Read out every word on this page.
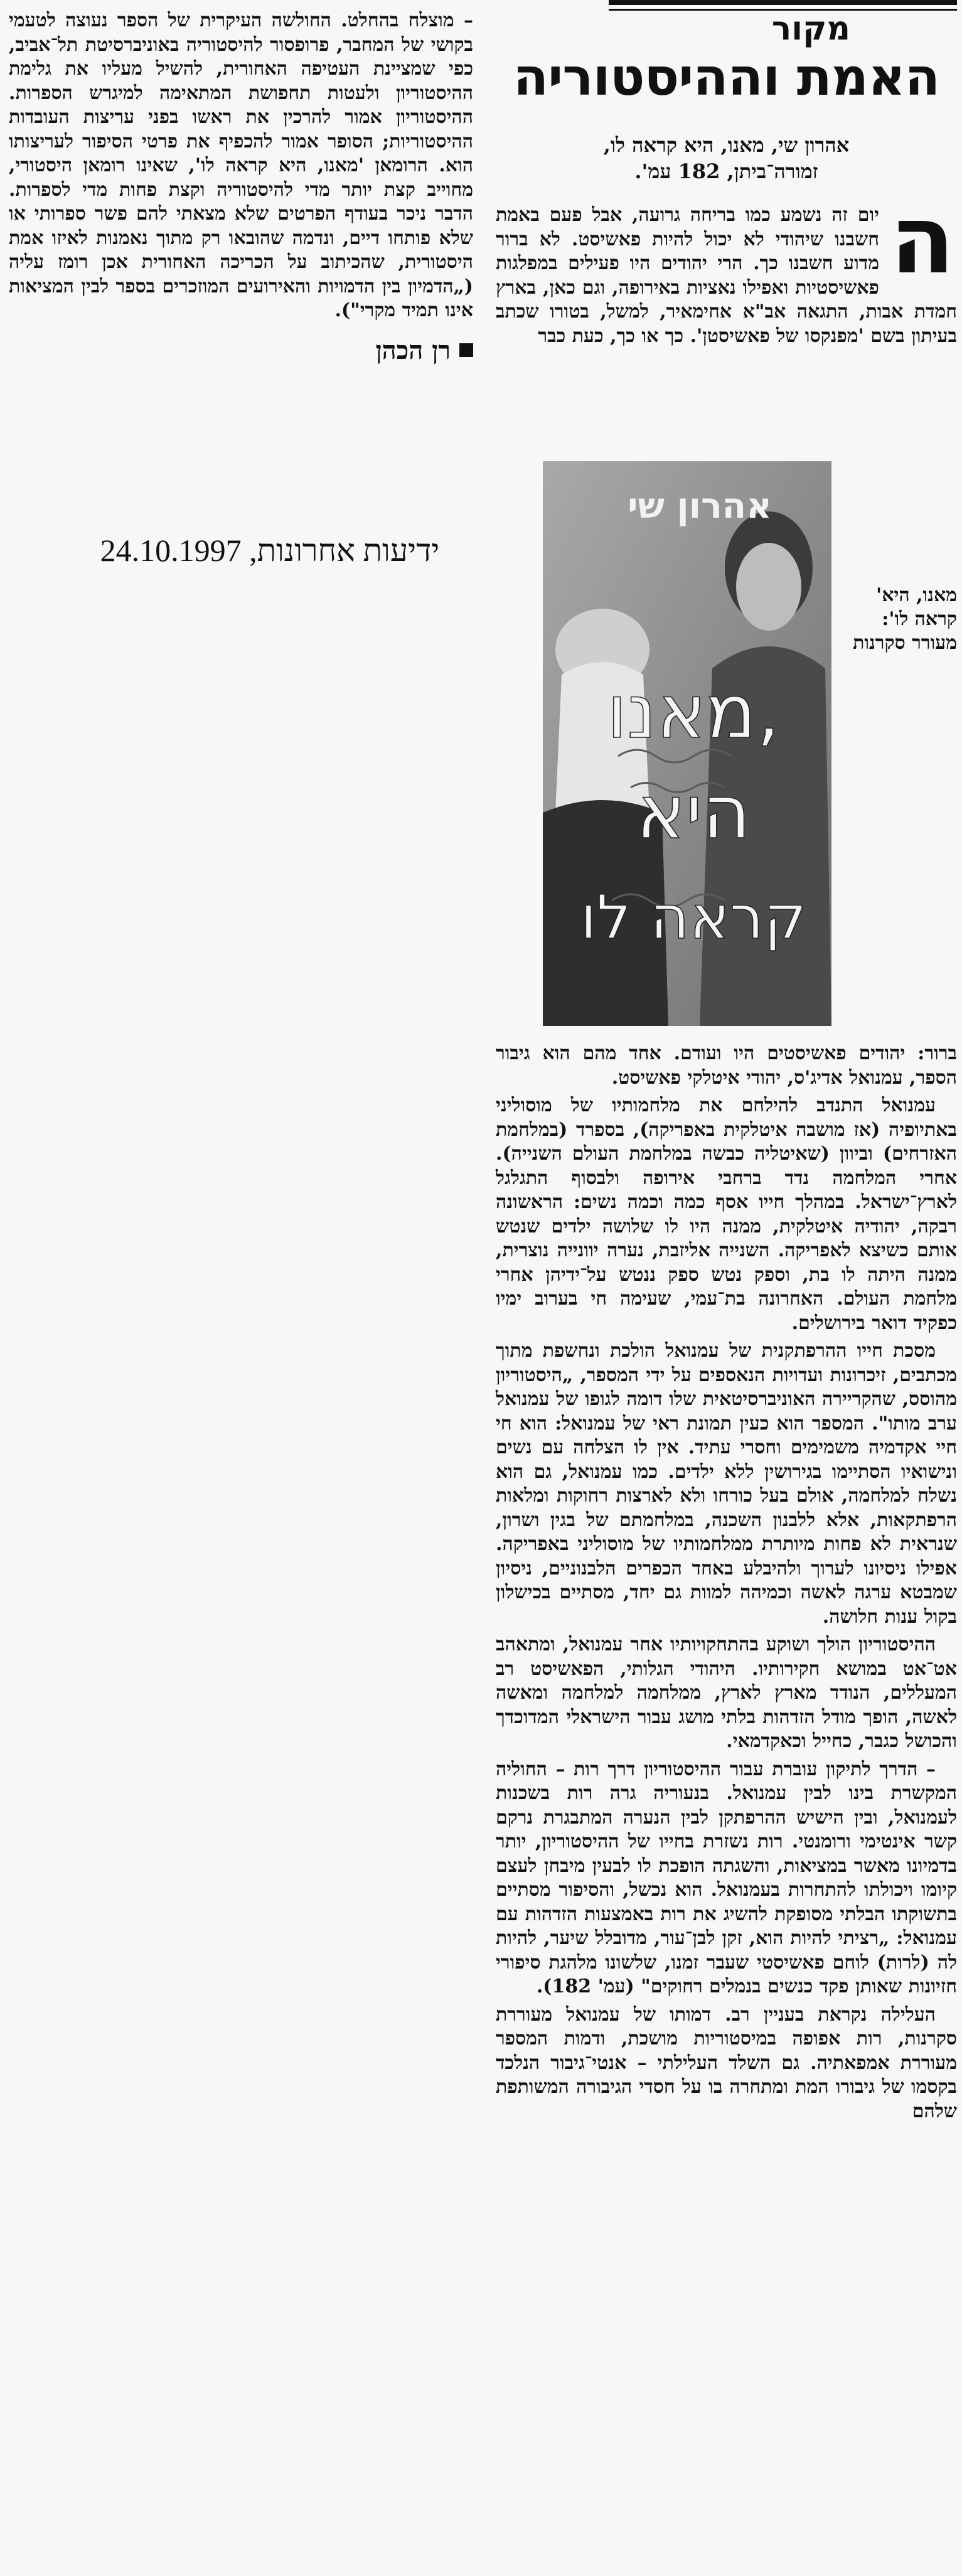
– מוצלח בהחלט. החולשה העיקרית של הספר נעוצה לטעמי בקושי של המחבר, פרופסור להיסטוריה באוניברסיטת תל־אביב, כפי שמציינת העטיפה האחורית, להשיל מעליו את גלימת ההיסטוריון ולעטות תחפושת המתאימה למיגרש הספרות. ההיסטוריון אמור להרכין את ראשו בפני עריצות העובדות ההיסטוריות; הסופר אמור להכפיף את פרטי הסיפור לעריצותו הוא. הרומאן 'מאנו, היא קראה לו', שאינו רומאן היסטורי, מחוייב קצת יותר מדי להיסטוריה וקצת פחות מדי לספרות. הדבר ניכר בעודף הפרטים שלא מצאתי להם פשר ספרותי או שלא פותחו דיים, ונדמה שהובאו רק מתוך נאמנות לאיזו אמת היסטורית, שהכיתוב על הכריכה האחורית אכן רומז עליה („הדמיון בין הדמויות והאירועים המוזכרים בספר לבין המציאות אינו תמיד מקרי").

רן הכהן
ידיעות אחרונות, 24.10.1997
מקור
האמת וההיסטוריה
אהרון שי, מאנו, היא קראה לו,
זמורה־ביתן, 182 עמ'.
ה
יום זה נשמע כמו בריחה גרועה, אבל פעם באמת חשבנו שיהודי לא יכול להיות פאשיסט. לא ברור מדוע חשבנו כך. הרי יהודים היו פעילים במפלגות פאשיסטיות ואפילו נאציות באירופה, וגם כאן, בארץ חמדת אבות, התגאה אב"א אחימאיר, למשל, בטורו שכתב בעיתון בשם 'מפנקסו של פאשיסטן'. כך או כך, כעת כבר
אהרון שי
מאנו,
היא
קראה לו
'מאנו, היא קראה לו': מעורר סקרנות

ברור: יהודים פאשיסטים היו ועודם. אחד מהם הוא גיבור הספר, עמנואל אדיג'ס, יהודי איטלקי פאשיסט.

עמנואל התנדב להילחם את מלחמותיו של מוסוליני באתיופיה (אז מושבה איטלקית באפריקה), בספרד (במלחמת האזרחים) וביוון (שאיטליה כבשה במלחמת העולם השנייה). אחרי המלחמה נדד ברחבי אירופה ולבסוף התגלגל לארץ־ישראל. במהלך חייו אסף כמה וכמה נשים: הראשונה רבקה, יהודיה איטלקית, ממנה היו לו שלושה ילדים שנטש אותם כשיצא לאפריקה. השנייה אליזבת, נערה יוונייה נוצרית, ממנה היתה לו בת, וספק נטש ספק ננטש על־ידיהן אחרי מלחמת העולם. האחרונה בת־עמי, שעימה חי בערוב ימיו כפקיד דואר בירושלים.

מסכת חייו ההרפתקנית של עמנואל הולכת ונחשפת מתוך מכתבים, זיכרונות ועדויות הנאספים על ידי המספר, „היסטוריון מהוסס, שהקריירה האוניברסיטאית שלו דומה לגופו של עמנואל ערב מותו". המספר הוא כעין תמונת ראי של עמנואל: הוא חי חיי אקדמיה משמימים וחסרי עתיד. אין לו הצלחה עם נשים ונישואיו הסתיימו בגירושין ללא ילדים. כמו עמנואל, גם הוא נשלח למלחמה, אולם בעל כורחו ולא לארצות רחוקות ומלאות הרפתקאות, אלא ללבנון השכנה, במלחמתם של בגין ושרון, שנראית לא פחות מיותרת ממלחמותיו של מוסוליני באפריקה. אפילו ניסיונו לערוך ולהיבלע באחד הכפרים הלבנוניים, ניסיון שמבטא ערגה לאשה וכמיהה למוות גם יחד, מסתיים בכישלון בקול ענות חלושה.

ההיסטוריון הולך ושוקע בהתחקויותיו אחר עמנואל, ומתאהב אט־אט במושא חקירותיו. היהודי הגלותי, הפאשיסט רב המעללים, הנודד מארץ לארץ, ממלחמה למלחמה ומאשה לאשה, הופך מודל הזדהות בלתי מושג עבור הישראלי המדוכדך והכושל כגבר, כחייל וכאקדמאי.

– הדרך לתיקון עוברת עבור ההיסטוריון דרך רות – החוליה המקשרת בינו לבין עמנואל. בנעוריה גרה רות בשכנות לעמנואל, ובין הישיש ההרפתקן לבין הנערה המתבגרת נרקם קשר אינטימי ורומנטי. רות נשזרת בחייו של ההיסטוריון, יותר בדמיונו מאשר במציאות, והשגתה הופכת לו לבעין מיבחן לעצם קיומו ויכולתו להתחרות בעמנואל. הוא נכשל, והסיפור מסתיים בתשוקתו הבלתי מסופקת להשיג את רות באמצעות הזדהות עם עמנואל: „רציתי להיות הוא, זקן לבן־עור, מדובלל שיער, להיות לה (לרות) לוחם פאשיסטי שעבר זמנו, שלשונו מלהגת סיפורי חזיונות שאותן פקד כנשים בנמלים רחוקים" (עמ' 182).

העלילה נקראת בעניין רב. דמותו של עמנואל מעוררת סקרנות, רות אפופה במיסטוריות מושכת, ודמות המספר מעוררת אמפאתיה. גם השלד העלילתי – אנטי־גיבור הנלכד בקסמו של גיבורו המת ומתחרה בו על חסדי הגיבורה המשותפת שלהם
